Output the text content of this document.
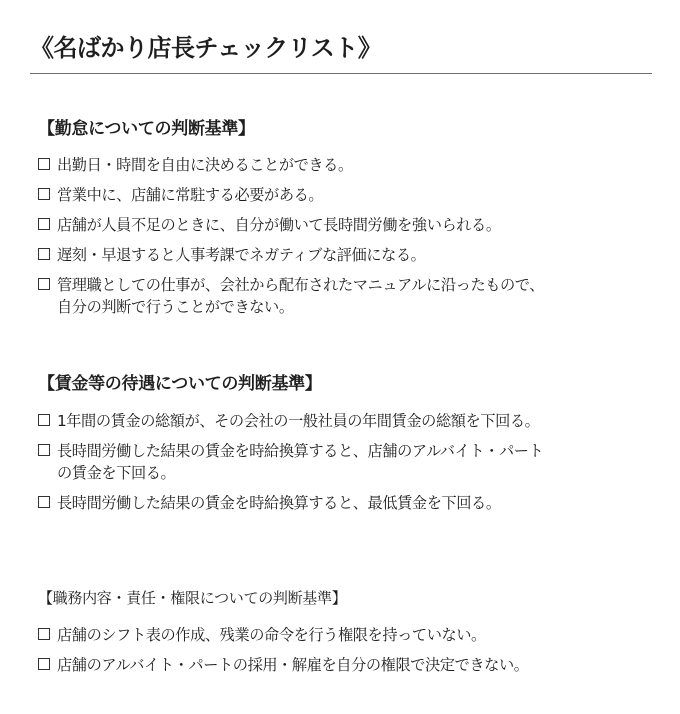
《名ばかり店長チェックリスト》
【勤怠についての判断基準】
出勤日・時間を自由に決めることができる。
営業中に、店舗に常駐する必要がある。
店舗が人員不足のときに、自分が働いて長時間労働を強いられる。
遅刻・早退すると人事考課でネガティブな評価になる。
管理職としての仕事が、会社から配布されたマニュアルに沿ったもので、
自分の判断で行うことができない。
【賃金等の待遇についての判断基準】
1年間の賃金の総額が、その会社の一般社員の年間賃金の総額を下回る。
長時間労働した結果の賃金を時給換算すると、店舗のアルバイト・パート
の賃金を下回る。
長時間労働した結果の賃金を時給換算すると、最低賃金を下回る。
【職務内容・責任・権限についての判断基準】
店舗のシフト表の作成、残業の命令を行う権限を持っていない。
店舗のアルバイト・パートの採用・解雇を自分の権限で決定できない。
